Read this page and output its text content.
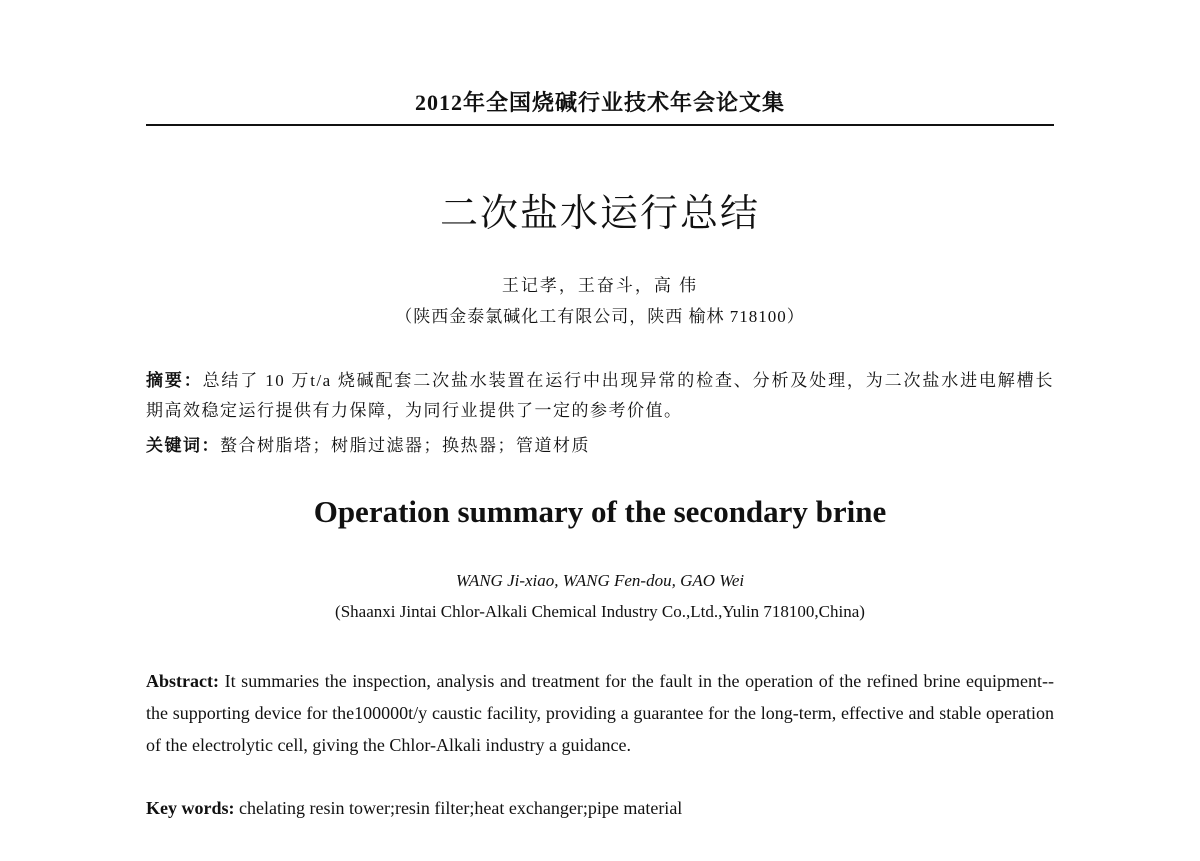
2012年全国烧碱行业技术年会论文集
二次盐水运行总结
王记孝，王奋斗，高 伟
（陕西金泰氯碱化工有限公司，陕西 榆林 718100）
摘要：总结了 10 万t/a 烧碱配套二次盐水装置在运行中出现异常的检查、分析及处理，为二次盐水进电解槽长期高效稳定运行提供有力保障，为同行业提供了一定的参考价值。
关键词：螯合树脂塔；树脂过滤器；换热器；管道材质
Operation summary of the secondary brine
WANG Ji-xiao, WANG Fen-dou, GAO Wei
(Shaanxi Jintai Chlor-Alkali Chemical Industry Co.,Ltd.,Yulin 718100,China)
Abstract: It summaries the inspection, analysis and treatment for the fault in the operation of the refined brine equipment--the supporting device for the100000t/y caustic facility, providing a guarantee for the long-term, effective and stable operation of the electrolytic cell, giving the Chlor-Alkali industry a guidance.
Key words: chelating resin tower;resin filter;heat exchanger;pipe material
